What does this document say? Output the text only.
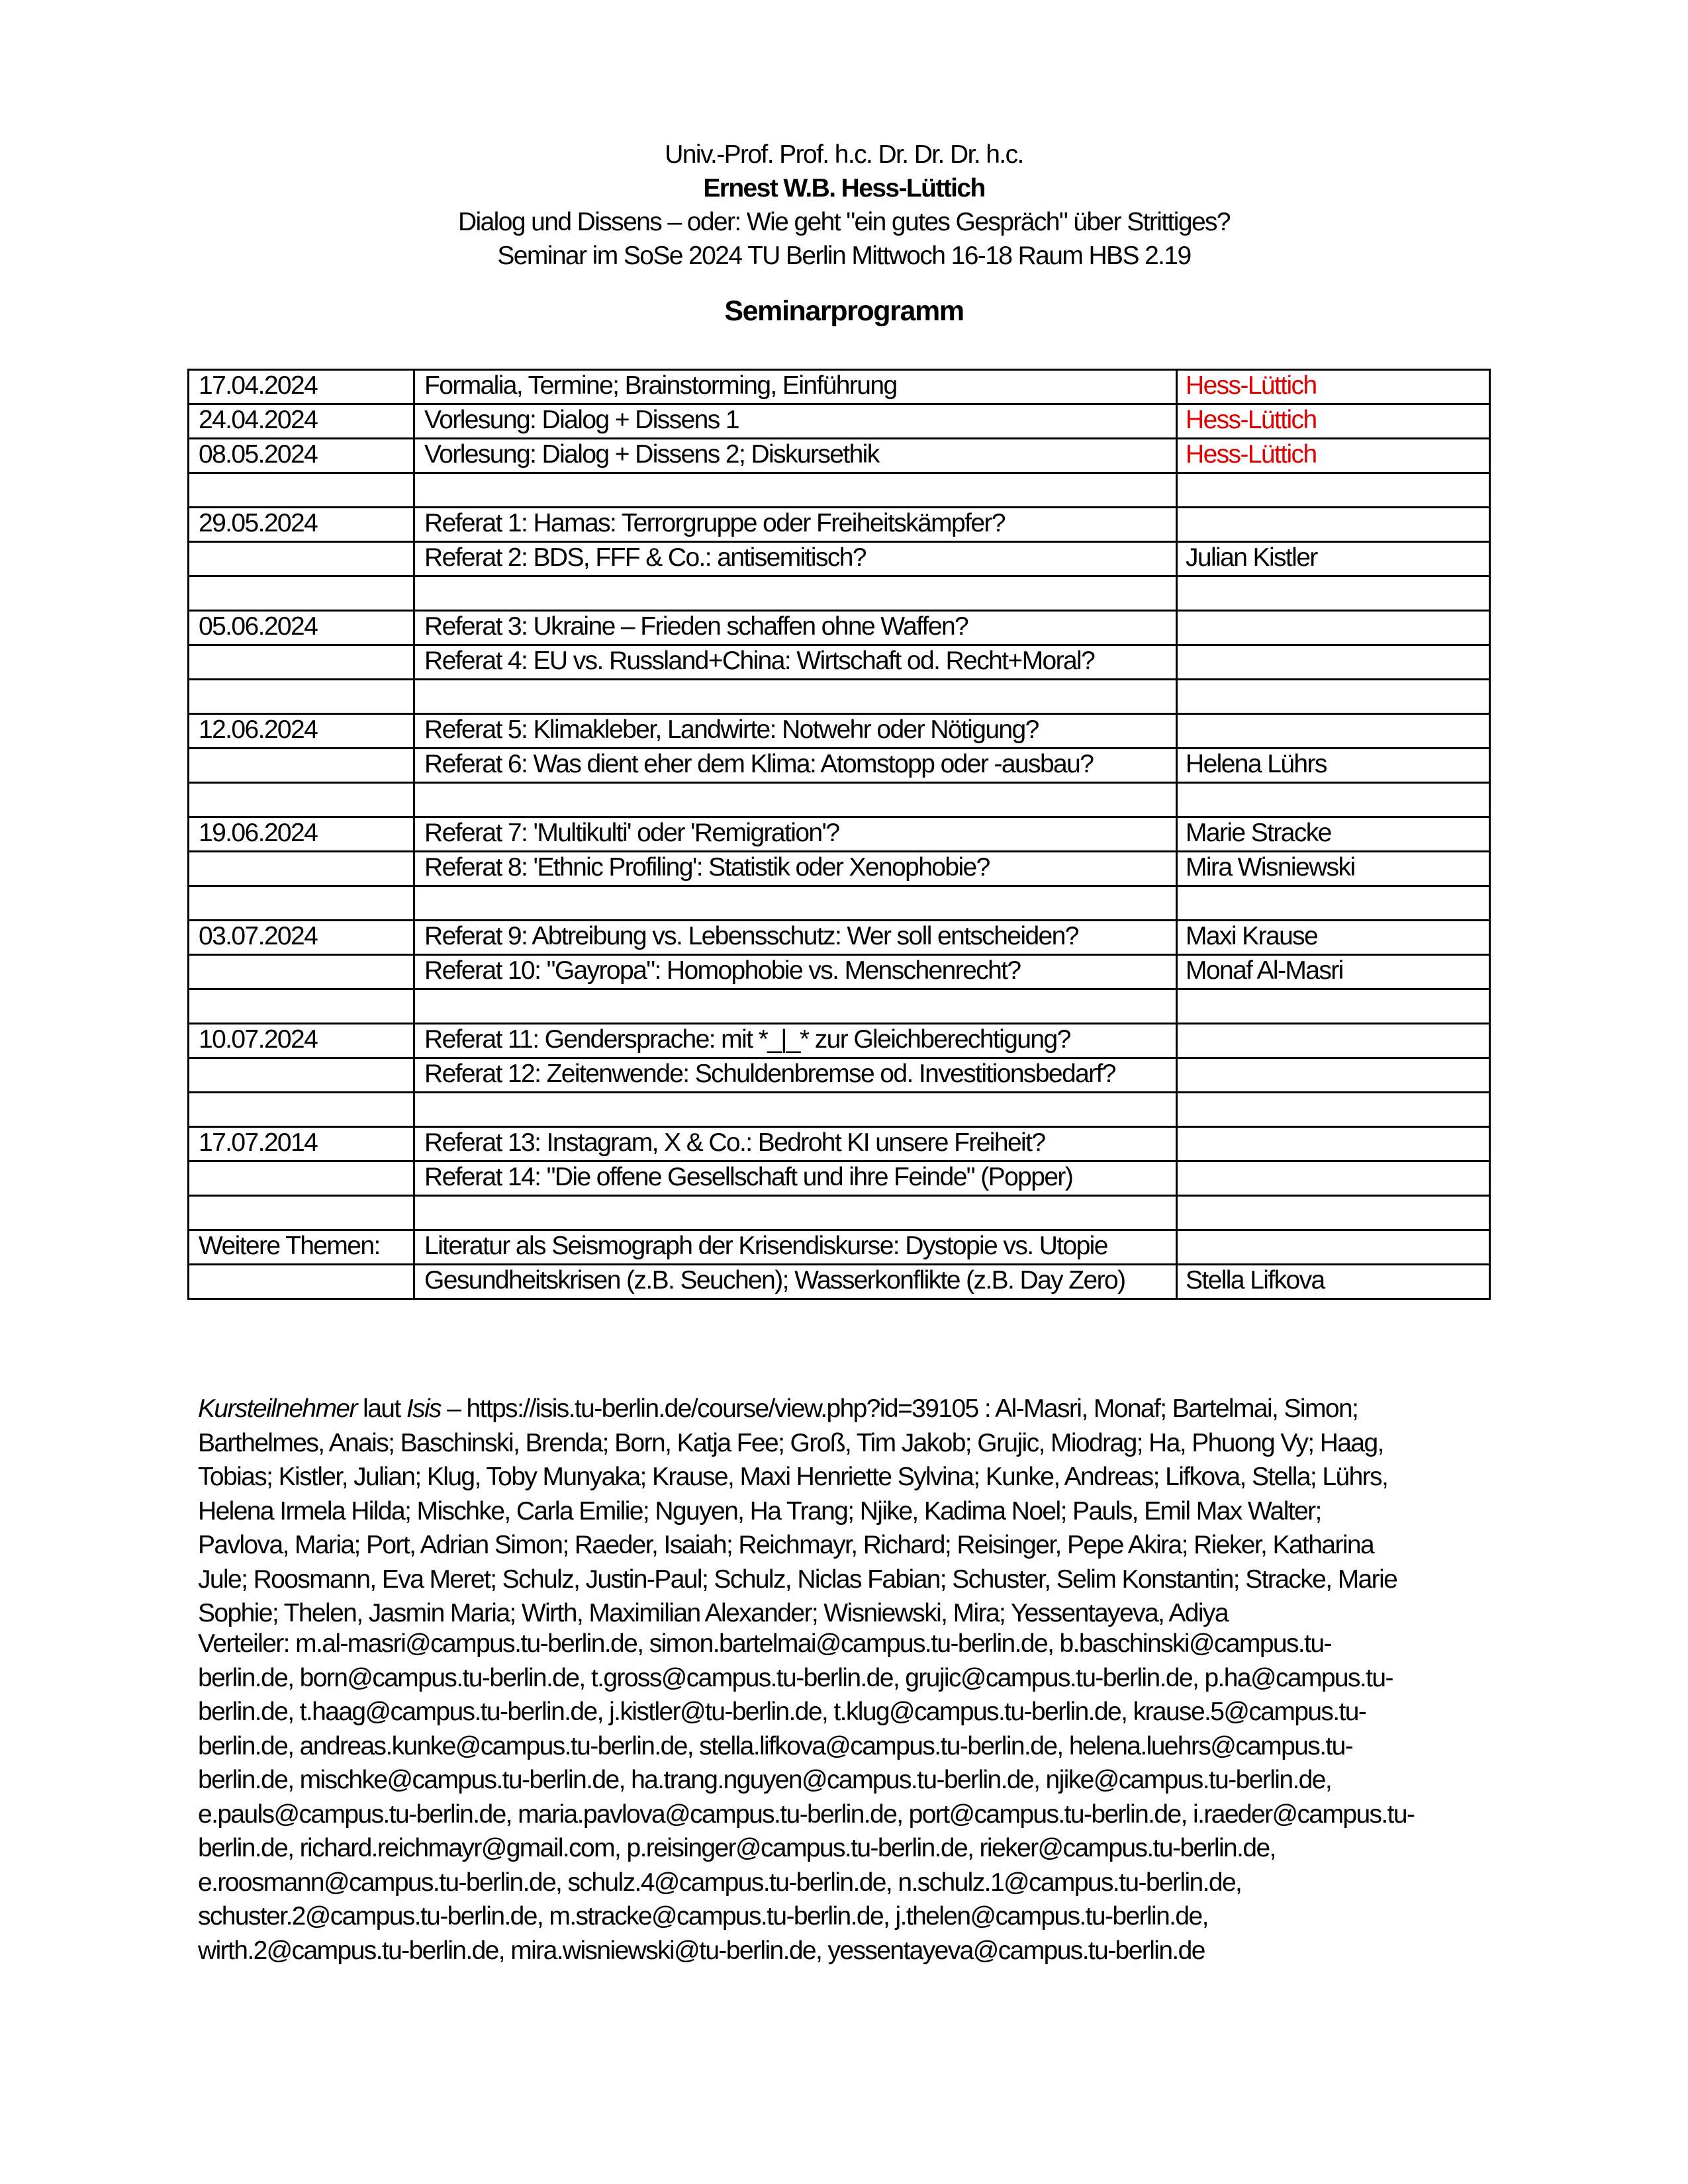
Univ.-Prof. Prof. h.c. Dr. Dr. Dr. h.c.
Ernest W.B. Hess-Lüttich
Dialog und Dissens – oder: Wie geht "ein gutes Gespräch" über Strittiges?
Seminar im SoSe 2024 TU Berlin Mittwoch 16-18 Raum HBS 2.19
Seminarprogramm
17.04.2024	Formalia, Termine; Brainstorming, Einführung	Hess-Lüttich
24.04.2024	Vorlesung: Dialog + Dissens 1	Hess-Lüttich
08.05.2024	Vorlesung: Dialog + Dissens 2; Diskursethik	Hess-Lüttich

29.05.2024	Referat 1: Hamas: Terrorgruppe oder Freiheitskämpfer?	
	Referat 2: BDS, FFF & Co.: antisemitisch?	Julian Kistler

05.06.2024	Referat 3: Ukraine – Frieden schaffen ohne Waffen?	
	Referat 4: EU vs. Russland+China: Wirtschaft od. Recht+Moral?	

12.06.2024	Referat 5: Klimakleber, Landwirte: Notwehr oder Nötigung?	
	Referat 6: Was dient eher dem Klima: Atomstopp oder -ausbau?	Helena Lührs

19.06.2024	Referat 7: 'Multikulti' oder 'Remigration'?	Marie Stracke
	Referat 8: 'Ethnic Profiling': Statistik oder Xenophobie?	Mira Wisniewski

03.07.2024	Referat 9: Abtreibung vs. Lebensschutz: Wer soll entscheiden?	Maxi Krause
	Referat 10: "Gayropa": Homophobie vs. Menschenrecht?	Monaf Al-Masri

10.07.2024	Referat 11: Gendersprache: mit *_|_* zur Gleichberechtigung?	
	Referat 12: Zeitenwende: Schuldenbremse od. Investitionsbedarf?	

17.07.2014	Referat 13: Instagram, X & Co.: Bedroht KI unsere Freiheit?	
	Referat 14: "Die offene Gesellschaft und ihre Feinde" (Popper)	

Weitere Themen:	Literatur als Seismograph der Krisendiskurse: Dystopie vs. Utopie	
	Gesundheitskrisen (z.B. Seuchen); Wasserkonflikte (z.B. Day Zero)	Stella Lifkova
Kursteilnehmer laut Isis – https://isis.tu-berlin.de/course/view.php?id=39105 : Al-Masri, Monaf; Bartelmai, Simon;
Barthelmes, Anais; Baschinski, Brenda; Born, Katja Fee; Groß, Tim Jakob; Grujic, Miodrag; Ha, Phuong Vy; Haag,
Tobias; Kistler, Julian; Klug, Toby Munyaka; Krause, Maxi Henriette Sylvina; Kunke, Andreas; Lifkova, Stella; Lührs,
Helena Irmela Hilda; Mischke, Carla Emilie; Nguyen, Ha Trang; Njike, Kadima Noel; Pauls, Emil Max Walter;
Pavlova, Maria; Port, Adrian Simon; Raeder, Isaiah; Reichmayr, Richard; Reisinger, Pepe Akira; Rieker, Katharina
Jule; Roosmann, Eva Meret; Schulz, Justin-Paul; Schulz, Niclas Fabian; Schuster, Selim Konstantin; Stracke, Marie
Sophie; Thelen, Jasmin Maria; Wirth, Maximilian Alexander; Wisniewski, Mira; Yessentayeva, Adiya
Verteiler: m.al-masri@campus.tu-berlin.de, simon.bartelmai@campus.tu-berlin.de, b.baschinski@campus.tu-
berlin.de, born@campus.tu-berlin.de, t.gross@campus.tu-berlin.de, grujic@campus.tu-berlin.de, p.ha@campus.tu-
berlin.de, t.haag@campus.tu-berlin.de, j.kistler@tu-berlin.de, t.klug@campus.tu-berlin.de, krause.5@campus.tu-
berlin.de, andreas.kunke@campus.tu-berlin.de, stella.lifkova@campus.tu-berlin.de, helena.luehrs@campus.tu-
berlin.de, mischke@campus.tu-berlin.de, ha.trang.nguyen@campus.tu-berlin.de, njike@campus.tu-berlin.de,
e.pauls@campus.tu-berlin.de, maria.pavlova@campus.tu-berlin.de, port@campus.tu-berlin.de, i.raeder@campus.tu-
berlin.de, richard.reichmayr@gmail.com, p.reisinger@campus.tu-berlin.de, rieker@campus.tu-berlin.de,
e.roosmann@campus.tu-berlin.de, schulz.4@campus.tu-berlin.de, n.schulz.1@campus.tu-berlin.de,
schuster.2@campus.tu-berlin.de, m.stracke@campus.tu-berlin.de, j.thelen@campus.tu-berlin.de,
wirth.2@campus.tu-berlin.de, mira.wisniewski@tu-berlin.de, yessentayeva@campus.tu-berlin.de
